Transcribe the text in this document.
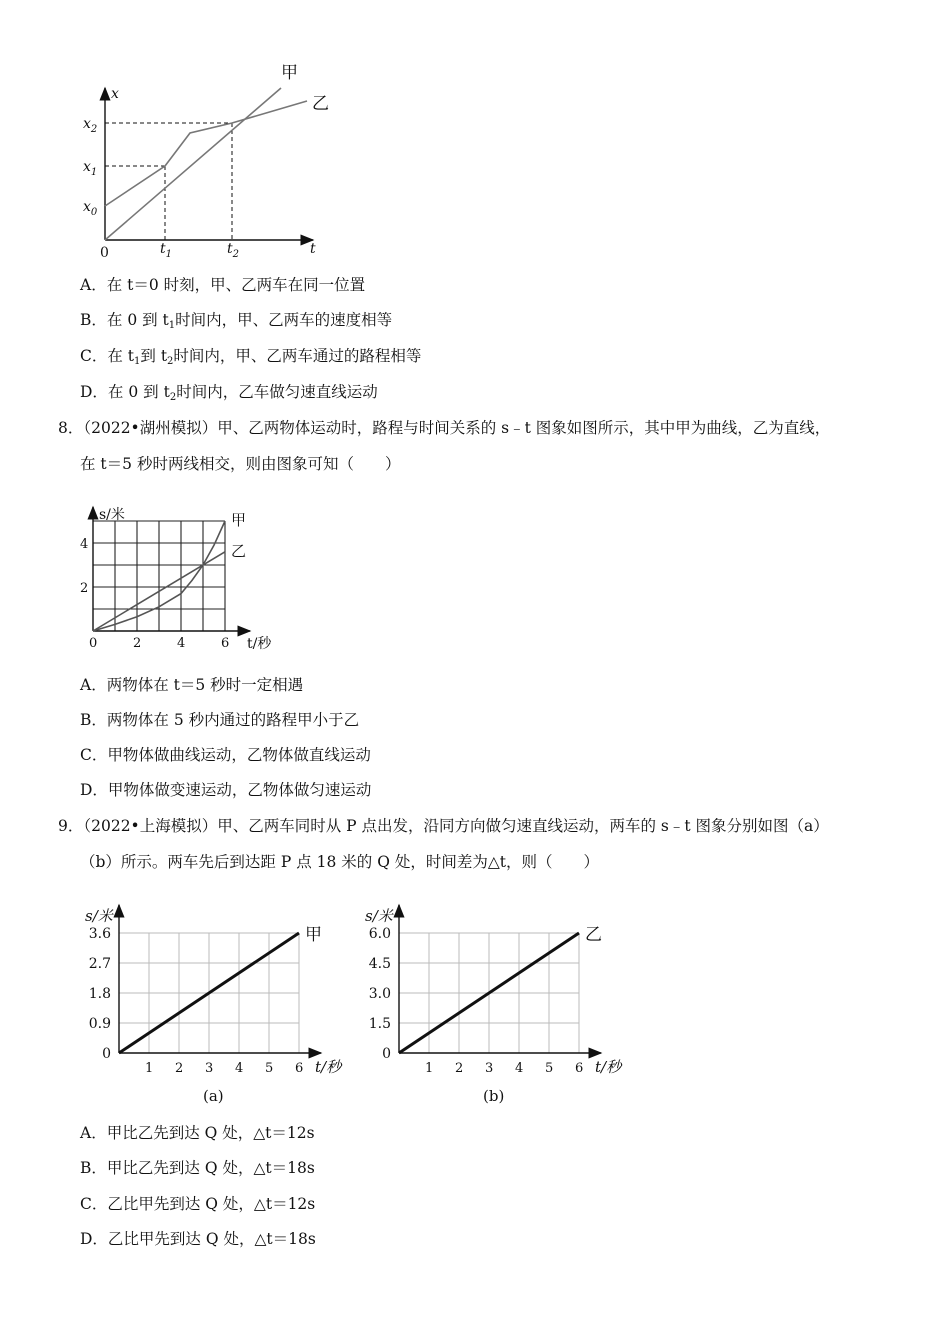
x
t
0
甲
乙
$x_2$
$x_1$
$x_0$
$t_1$	$t_2$
A．在 t＝0 时刻，甲、乙两车在同一位置
B．在 0 到 $t_1$时间内，甲、乙两车的速度相等
C．在 $t_1$到 $t_2$时间内，甲、乙两车通过的路程相等
D．在 0 到 $t_2$时间内，乙车做匀速直线运动
8．（2022•湖州模拟）甲、乙两物体运动时，路程与时间关系的 s﹣t 图象如图所示，其中甲为曲线，乙为直线，
在 t＝5 秒时两线相交，则由图象可知（　　）
s/米
t/秒
0	2	4	6
2
4
甲
乙
A．两物体在 t＝5 秒时一定相遇
B．两物体在 5 秒内通过的路程甲小于乙
C．甲物体做曲线运动，乙物体做直线运动
D．甲物体做变速运动，乙物体做匀速运动
9．（2022•上海模拟）甲、乙两车同时从 P 点出发，沿同方向做匀速直线运动，两车的 s﹣t 图象分别如图（a）
（b）所示。两车先后到达距 P 点 18 米的 Q 处，时间差为△t，则（　　）
s/米
t/秒
1 2 3 4 5 6
0
0.9
1.8
2.7
3.6	甲
(a)
s/米
t/秒
1 2 3 4 5 6
0
1.5
3.0
4.5
6.0	乙
(b)
A．甲比乙先到达 Q 处，△t＝12s
B．甲比乙先到达 Q 处，△t＝18s
C．乙比甲先到达 Q 处，△t＝12s
D．乙比甲先到达 Q 处，△t＝18s
